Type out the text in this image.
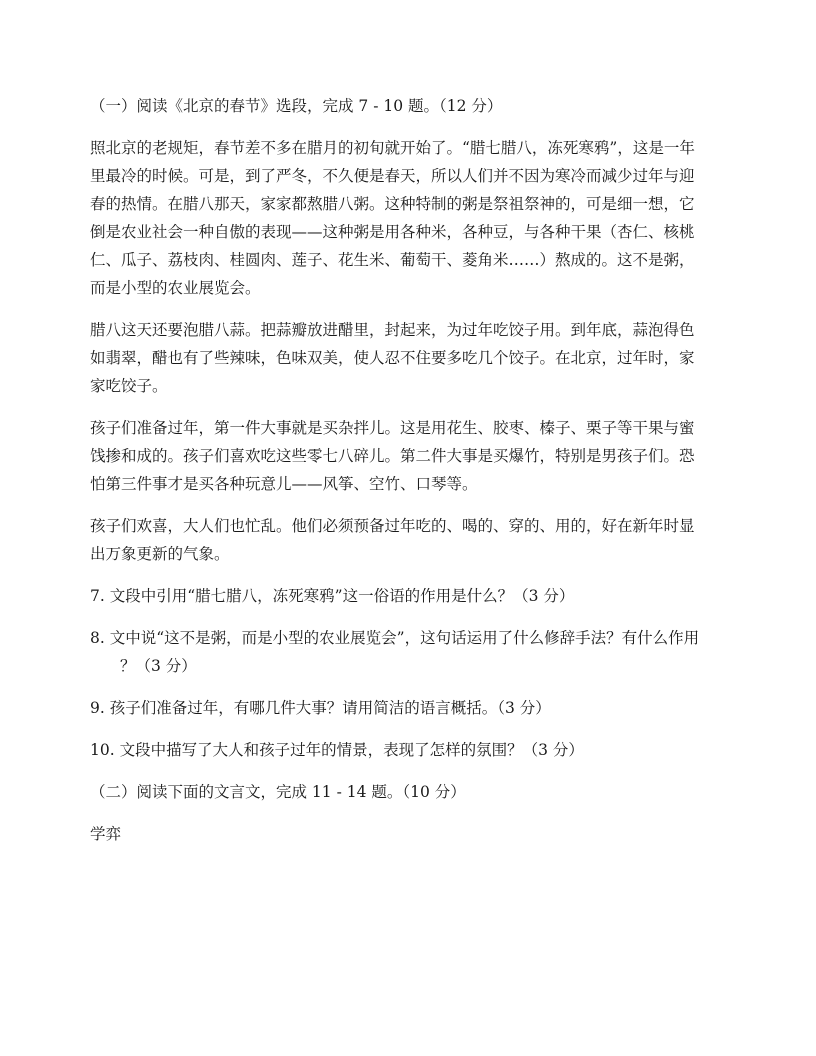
（一）阅读《北京的春节》选段，完成 7 - 10 题。（12 分）

照北京的老规矩，春节差不多在腊月的初旬就开始了。“腊七腊八，冻死寒鸦”，这是一年

里最冷的时候。可是，到了严冬，不久便是春天，所以人们并不因为寒冷而减少过年与迎

春的热情。在腊八那天，家家都熬腊八粥。这种特制的粥是祭祖祭神的，可是细一想，它

倒是农业社会一种自傲的表现——这种粥是用各种米，各种豆，与各种干果（杏仁、核桃

仁、瓜子、荔枝肉、桂圆肉、莲子、花生米、葡萄干、菱角米……）熬成的。这不是粥，

而是小型的农业展览会。

腊八这天还要泡腊八蒜。把蒜瓣放进醋里，封起来，为过年吃饺子用。到年底，蒜泡得色

如翡翠，醋也有了些辣味，色味双美，使人忍不住要多吃几个饺子。在北京，过年时，家

家吃饺子。

孩子们准备过年，第一件大事就是买杂拌儿。这是用花生、胶枣、榛子、栗子等干果与蜜

饯掺和成的。孩子们喜欢吃这些零七八碎儿。第二件大事是买爆竹，特别是男孩子们。恐

怕第三件事才是买各种玩意儿——风筝、空竹、口琴等。

孩子们欢喜，大人们也忙乱。他们必须预备过年吃的、喝的、穿的、用的，好在新年时显

出万象更新的气象。

7. 文段中引用“腊七腊八，冻死寒鸦”这一俗语的作用是什么？（3 分）

8. 文中说“这不是粥，而是小型的农业展览会”，这句话运用了什么修辞手法？有什么作用

？（3 分）

9. 孩子们准备过年，有哪几件大事？请用简洁的语言概括。（3 分）

10. 文段中描写了大人和孩子过年的情景，表现了怎样的氛围？（3 分）

（二）阅读下面的文言文，完成 11 - 14 题。（10 分）

学弈
